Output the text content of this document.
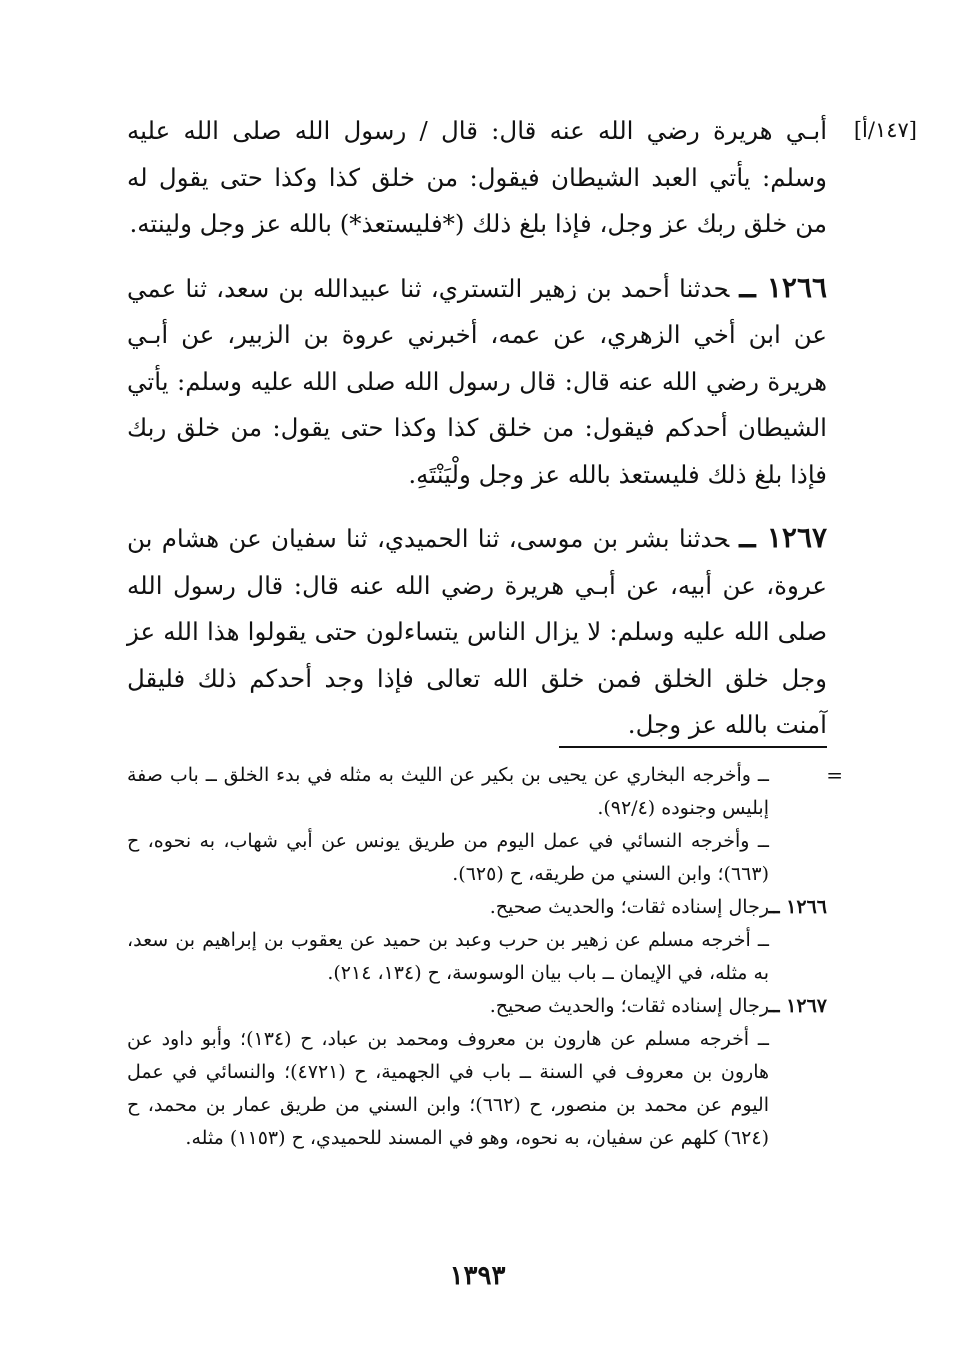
[١٤٧/أ]

أبـي هريرة رضي الله عنه قال: قال / رسول الله صلى الله عليه وسلم: يأتي العبد الشيطان فيقول: من خلق كذا وكذا حتى يقول له من خلق ربك عز وجل، فإذا بلغ ذلك (*فليستعذ*) بالله عز وجل ولينته.

١٢٦٦ ــحدثنا أحمد بن زهير التستري، ثنا عبيدالله بن سعد، ثنا عمي عن ابن أخي الزهري، عن عمه، أخبرني عروة بن الزبير، عن أبـي هريرة رضي الله عنه قال: قال رسول الله صلى الله عليه وسلم: يأتي الشيطان أحدكم فيقول: من خلق كذا وكذا حتى يقول: من خلق ربك فإذا بلغ ذلك فليستعذ بالله عز وجل ولْيَنْتَهِ.

١٢٦٧ ــحدثنا بشر بن موسى، ثنا الحميدي، ثنا سفيان عن هشام بن عروة، عن أبيه، عن أبـي هريرة رضي الله عنه قال: قال رسول الله صلى الله عليه وسلم: لا يزال الناس يتساءلون حتى يقولوا هذا الله عز وجل خلق الخلق فمن خلق الله تعالى فإذا وجد أحدكم ذلك فليقل آمنت بالله عز وجل.

=
ــ وأخرجه البخاري عن يحيى بن بكير عن الليث به مثله في بدء الخلق ــ باب صفة إبليس وجنوده (٩٢/٤).
ــ وأخرجه النسائي في عمل اليوم من طريق يونس عن أبي شهاب، به نحوه، ح (٦٦٣)؛ وابن السني من طريقه، ح (٦٢٥).
١٢٦٦ ــ
رجال إسناده ثقات؛ والحديث صحيح.
ــ أخرجه مسلم عن زهير بن حرب وعبد بن حميد عن يعقوب بن إبراهيم بن سعد، به مثله، في الإيمان ــ باب بيان الوسوسة، ح (١٣٤، ٢١٤).
١٢٦٧ ــ
رجال إسناده ثقات؛ والحديث صحيح.
ــ أخرجه مسلم عن هارون بن معروف ومحمد بن عباد، ح (١٣٤)؛ وأبو داود عن هارون بن معروف في السنة ــ باب في الجهمية، ح (٤٧٢١)؛ والنسائي في عمل اليوم عن محمد بن منصور، ح (٦٦٢)؛ وابن السني من طريق عمار بن محمد، ح (٦٢٤) كلهم عن سفيان، به نحوه، وهو في المسند للحميدي، ح (١١٥٣) مثله.
١٣٩٣
